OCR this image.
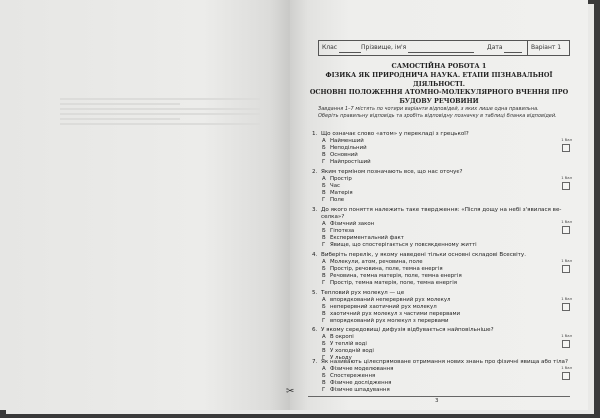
Клас	Прізвище, ім'я	Дата	Варіант 1
САМОСТІЙНА РОБОТА 1
ФІЗИКА ЯК ПРИРОДНИЧА НАУКА. ЕТАПИ ПІЗНАВАЛЬНОЇ ДІЯЛЬНОСТІ.
ОСНОВНІ ПОЛОЖЕННЯ АТОМНО-МОЛЕКУЛЯРНОГО ВЧЕННЯ ПРО БУДОВУ РЕЧОВИНИ
Завдання 1–7 містять по чотири варіанти відповідей, з яких лише одна правильна.
Оберіть правильну відповідь та зробіть відповідну позначку в таблиці бланка відповідей.
1. Що означає слово «атом» у перекладі з грецької?
А Найменший
Б Неподільний
В Основний
Г Найпростіший
1 бал
2. Яким терміном позначають все, що нас оточує?
А Простір
Б Час
В Матерія
Г Поле
1 бал
3. До якого поняття належить таке твердження: «Після дощу на небі з'явилася ве-
селка»?
А Фізичний закон
Б Гіпотеза
В Експериментальний факт
Г Явище, що спостерігається у повсякденному житті
1 бал
4. Виберіть перелік, у якому наведені тільки основні складові Всесвіту.
А Молекули, атом, речовина, поле
Б Простір, речовина, поле, темна енергія
В Речовина, темна матерія, поле, темна енергія
Г Простір, темна матерія, поле, темна енергія
1 бал
5. Тепловий рух молекул — це
А впорядкований неперервний рух молекул
Б неперервний хаотичний рух молекул
В хаотичний рух молекул з частими перервами
Г впорядкований рух молекул з перервами
1 бал
6. У якому середовищі дифузія відбувається найповільніше?
А В окропі
Б У теплій воді
В У холодній воді
Г У льоду
1 бал
7. Як називають цілеспрямоване отримання нових знань про фізичні явища або тіла?
А Фізичне моделювання
Б Спостереження
В Фізичне дослідження
Г Фізичне шпадування
1 бал
3
✂
